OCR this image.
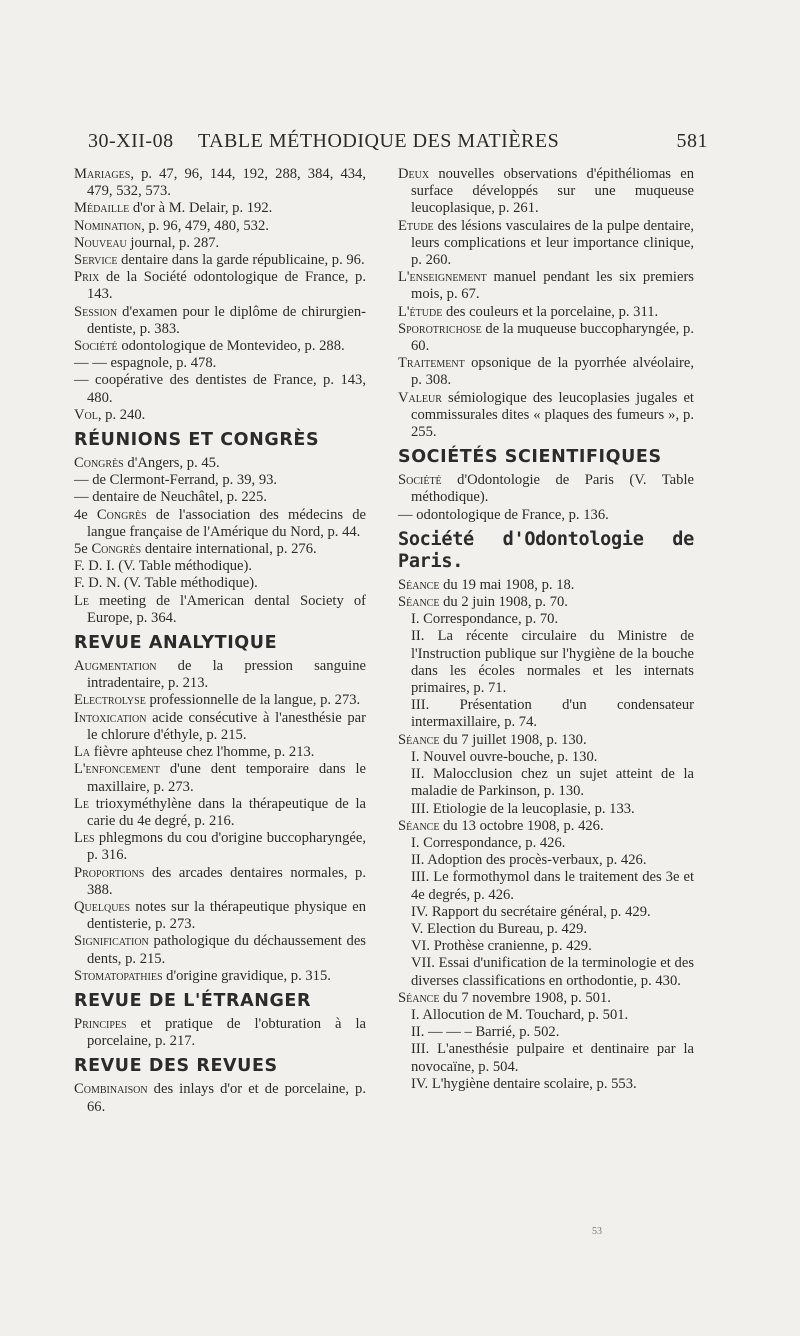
30-XII-08 TABLE MÉTHODIQUE DES MATIÈRES	581

Mariages, p. 47, 96, 144, 192, 288, 384, 434, 479, 532, 573.

Médaille d'or à M. Delair, p. 192.

Nomination, p. 96, 479, 480, 532.

Nouveau journal, p. 287.

Service dentaire dans la garde républicaine, p. 96.

Prix de la Société odontologique de France, p. 143.

Session d'examen pour le diplôme de chirurgien-dentiste, p. 383.

Société odontologique de Montevideo, p. 288.

— — espagnole, p. 478.

— coopérative des dentistes de France, p. 143, 480.

Vol, p. 240.

RÉUNIONS ET CONGRÈS

Congrès d'Angers, p. 45.

— de Clermont-Ferrand, p. 39, 93.

— dentaire de Neuchâtel, p. 225.

4e Congrès de l'association des médecins de langue française de l'Amérique du Nord, p. 44.

5e Congrès dentaire international, p. 276.

F. D. I. (V. Table méthodique).

F. D. N. (V. Table méthodique).

Le meeting de l'American dental Society of Europe, p. 364.

REVUE ANALYTIQUE

Augmentation de la pression sanguine intradentaire, p. 213.

Electrolyse professionnelle de la langue, p. 273.

Intoxication acide consécutive à l'anesthésie par le chlorure d'éthyle, p. 215.

La fièvre aphteuse chez l'homme, p. 213.

L'enfoncement d'une dent temporaire dans le maxillaire, p. 273.

Le trioxyméthylène dans la thérapeutique de la carie du 4e degré, p. 216.

Les phlegmons du cou d'origine buccopharyngée, p. 316.

Proportions des arcades dentaires normales, p. 388.

Quelques notes sur la thérapeutique physique en dentisterie, p. 273.

Signification pathologique du déchaussement des dents, p. 215.

Stomatopathies d'origine gravidique, p. 315.

REVUE DE L'ÉTRANGER

Principes et pratique de l'obturation à la porcelaine, p. 217.

REVUE DES REVUES

Combinaison des inlays d'or et de porcelaine, p. 66.

Deux nouvelles observations d'épithéliomas en surface développés sur une muqueuse leucoplasique, p. 261.

Etude des lésions vasculaires de la pulpe dentaire, leurs complications et leur importance clinique, p. 260.

L'enseignement manuel pendant les six premiers mois, p. 67.

L'étude des couleurs et la porcelaine, p. 311.

Sporotrichose de la muqueuse buccopharyngée, p. 60.

Traitement opsonique de la pyorrhée alvéolaire, p. 308.

Valeur sémiologique des leucoplasies jugales et commissurales dites « plaques des fumeurs », p. 255.

SOCIÉTÉS SCIENTIFIQUES

Société d'Odontologie de Paris (V. Table méthodique).

— odontologique de France, p. 136.

Société d'Odontologie de Paris.

Séance du 19 mai 1908, p. 18.

Séance du 2 juin 1908, p. 70.

I. Correspondance, p. 70.

II. La récente circulaire du Ministre de l'Instruction publique sur l'hygiène de la bouche dans les écoles normales et les internats primaires, p. 71.

III. Présentation d'un condensateur intermaxillaire, p. 74.

Séance du 7 juillet 1908, p. 130.

I. Nouvel ouvre-bouche, p. 130.

II. Malocclusion chez un sujet atteint de la maladie de Parkinson, p. 130.

III. Etiologie de la leucoplasie, p. 133.

Séance du 13 octobre 1908, p. 426.

I. Correspondance, p. 426.

II. Adoption des procès-verbaux, p. 426.

III. Le formothymol dans le traitement des 3e et 4e degrés, p. 426.

IV. Rapport du secrétaire général, p. 429.

V. Election du Bureau, p. 429.

VI. Prothèse cranienne, p. 429.

VII. Essai d'unification de la terminologie et des diverses classifications en orthodontie, p. 430.

Séance du 7 novembre 1908, p. 501.

I. Allocution de M. Touchard, p. 501.

II. — — – Barrié, p. 502.

III. L'anesthésie pulpaire et dentinaire par la novocaïne, p. 504.

IV. L'hygiène dentaire scolaire, p. 553.

53
